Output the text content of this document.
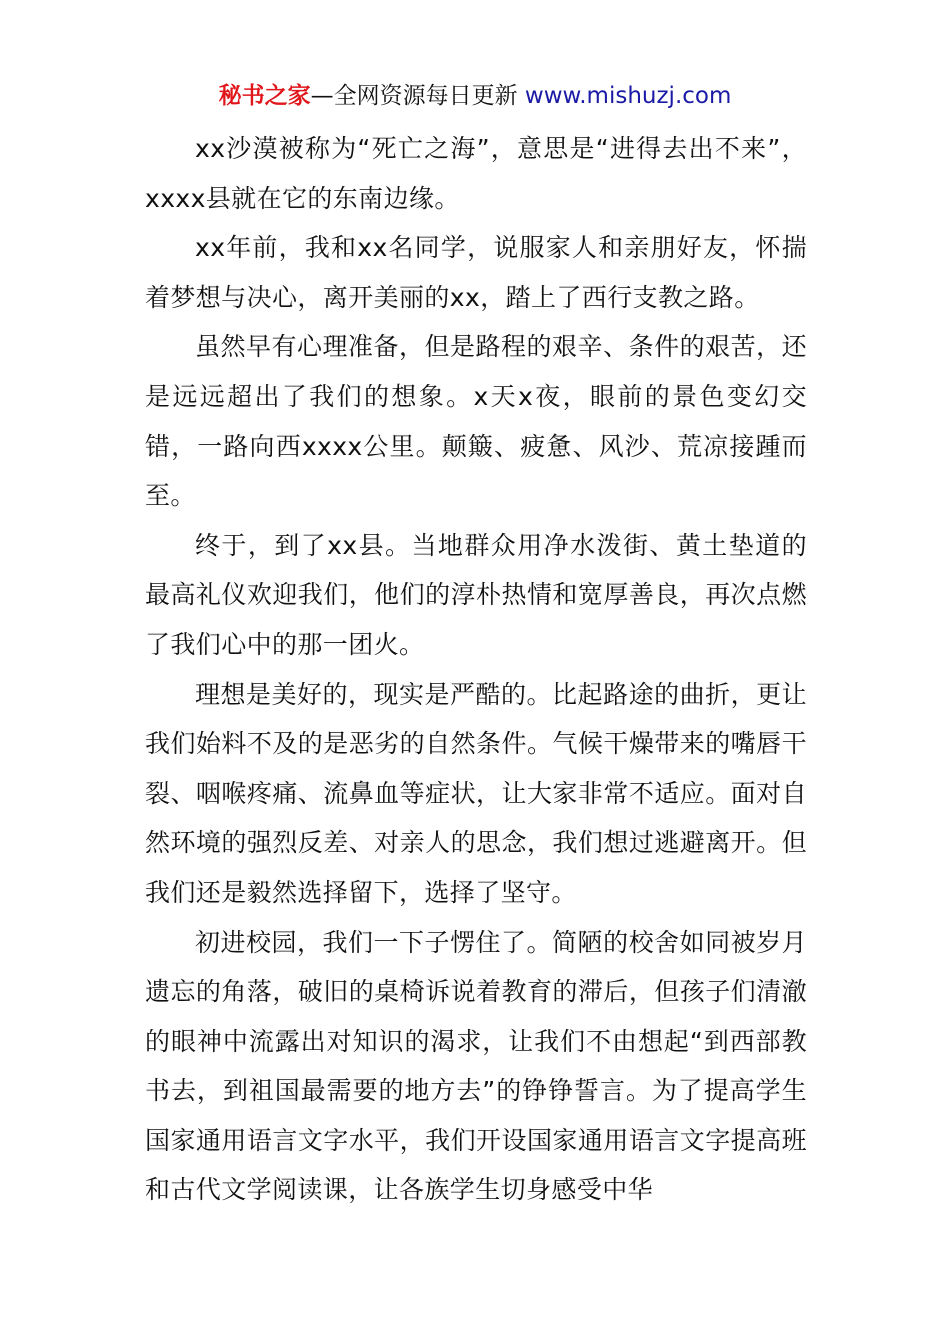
秘书之家—全网资源每日更新 www.mishuzj.com

xx沙漠被称为“死亡之海”，意思是“进得去出不来”，xxxx县就在它的东南边缘。

xx年前，我和xx名同学，说服家人和亲朋好友，怀揣着梦想与决心，离开美丽的xx，踏上了西行支教之路。

虽然早有心理准备，但是路程的艰辛、条件的艰苦，还是远远超出了我们的想象。x天x夜，眼前的景色变幻交错，一路向西xxxx公里。颠簸、疲惫、风沙、荒凉接踵而至。

终于，到了xx县。当地群众用净水泼街、黄土垫道的最高礼仪欢迎我们，他们的淳朴热情和宽厚善良，再次点燃了我们心中的那一团火。

理想是美好的，现实是严酷的。比起路途的曲折，更让我们始料不及的是恶劣的自然条件。气候干燥带来的嘴唇干裂、咽喉疼痛、流鼻血等症状，让大家非常不适应。面对自然环境的强烈反差、对亲人的思念，我们想过逃避离开。但我们还是毅然选择留下，选择了坚守。

初进校园，我们一下子愣住了。简陋的校舍如同被岁月遗忘的角落，破旧的桌椅诉说着教育的滞后，但孩子们清澈的眼神中流露出对知识的渴求，让我们不由想起“到西部教书去，到祖国最需要的地方去”的铮铮誓言。为了提高学生国家通用语言文字水平，我们开设国家通用语言文字提高班和古代文学阅读课，让各族学生切身感受中华
